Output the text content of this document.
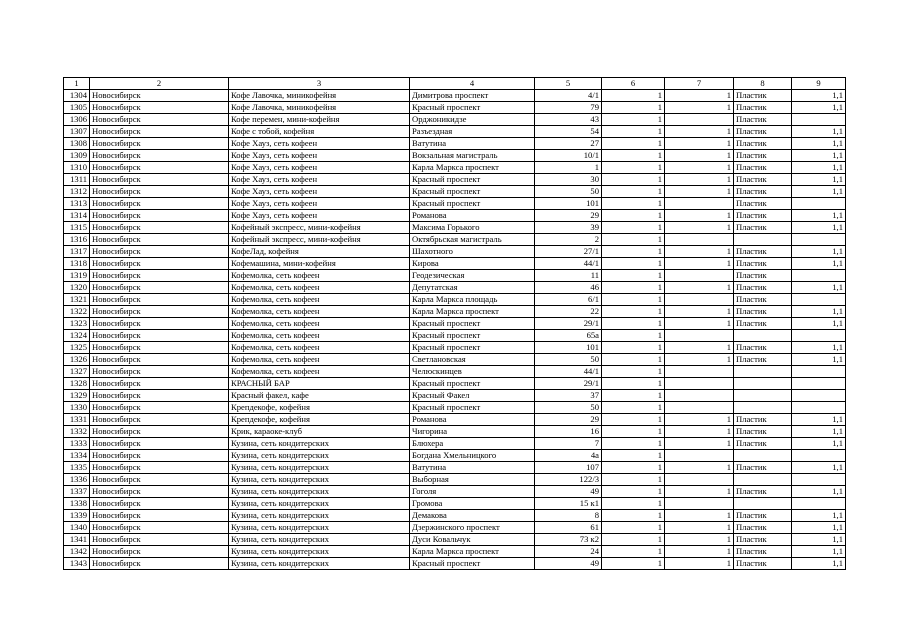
1	2	3	4	5	6	7	8	9
1304	Новосибирск	Кофе Лавочка, миникофейня	Димитрова проспект	4/1	1	1	Пластик	1,1
1305	Новосибирск	Кофе Лавочка, миникофейня	Красный проспект	79	1	1	Пластик	1,1
1306	Новосибирск	Кофе перемен, мини-кофейня	Орджоникидзе	43	1		Пластик	
1307	Новосибирск	Кофе с тобой, кофейня	Разъездная	54	1	1	Пластик	1,1
1308	Новосибирск	Кофе Хауз, сеть кофеен	Ватутина	27	1	1	Пластик	1,1
1309	Новосибирск	Кофе Хауз, сеть кофеен	Вокзальная магистраль	10/1	1	1	Пластик	1,1
1310	Новосибирск	Кофе Хауз, сеть кофеен	Карла Маркса проспект	1	1	1	Пластик	1,1
1311	Новосибирск	Кофе Хауз, сеть кофеен	Красный проспект	30	1	1	Пластик	1,1
1312	Новосибирск	Кофе Хауз, сеть кофеен	Красный проспект	50	1	1	Пластик	1,1
1313	Новосибирск	Кофе Хауз, сеть кофеен	Красный проспект	101	1		Пластик	
1314	Новосибирск	Кофе Хауз, сеть кофеен	Романова	29	1	1	Пластик	1,1
1315	Новосибирск	Кофейный экспресс, мини-кофейня	Максима Горького	39	1	1	Пластик	1,1
1316	Новосибирск	Кофейный экспресс, мини-кофейня	Октябрьская магистраль	2	1			
1317	Новосибирск	КофеЛад, кофейня	Шахотного	27/1	1	1	Пластик	1,1
1318	Новосибирск	Кофемашина, мини-кофейня	Кирова	44/1	1	1	Пластик	1,1
1319	Новосибирск	Кофемолка, сеть кофеен	Геодезическая	11	1		Пластик	
1320	Новосибирск	Кофемолка, сеть кофеен	Депутатская	46	1	1	Пластик	1,1
1321	Новосибирск	Кофемолка, сеть кофеен	Карла Маркса площадь	6/1	1		Пластик	
1322	Новосибирск	Кофемолка, сеть кофеен	Карла Маркса проспект	22	1	1	Пластик	1,1
1323	Новосибирск	Кофемолка, сеть кофеен	Красный проспект	29/1	1	1	Пластик	1,1
1324	Новосибирск	Кофемолка, сеть кофеен	Красный проспект	65а	1			
1325	Новосибирск	Кофемолка, сеть кофеен	Красный проспект	101	1	1	Пластик	1,1
1326	Новосибирск	Кофемолка, сеть кофеен	Светлановская	50	1	1	Пластик	1,1
1327	Новосибирск	Кофемолка, сеть кофеен	Челюскинцев	44/1	1			
1328	Новосибирск	КРАСНЫЙ БАР	Красный проспект	29/1	1			
1329	Новосибирск	Красный факел, кафе	Красный Факел	37	1			
1330	Новосибирск	Крепдекофе, кофейня	Красный проспект	50	1			
1331	Новосибирск	Крепдекофе, кофейня	Романова	29	1	1	Пластик	1,1
1332	Новосибирск	Крик, караоке-клуб	Чигорина	16	1	1	Пластик	1,1
1333	Новосибирск	Кузина, сеть кондитерских	Блюхера	7	1	1	Пластик	1,1
1334	Новосибирск	Кузина, сеть кондитерских	Богдана Хмельницкого	4а	1			
1335	Новосибирск	Кузина, сеть кондитерских	Ватутина	107	1	1	Пластик	1,1
1336	Новосибирск	Кузина, сеть кондитерских	Выборная	122/3	1			
1337	Новосибирск	Кузина, сеть кондитерских	Гоголя	49	1	1	Пластик	1,1
1338	Новосибирск	Кузина, сеть кондитерских	Громова	15 к1	1			
1339	Новосибирск	Кузина, сеть кондитерских	Демакова	8	1	1	Пластик	1,1
1340	Новосибирск	Кузина, сеть кондитерских	Дзержинского проспект	61	1	1	Пластик	1,1
1341	Новосибирск	Кузина, сеть кондитерских	Дуси Ковальчук	73 к2	1	1	Пластик	1,1
1342	Новосибирск	Кузина, сеть кондитерских	Карла Маркса проспект	24	1	1	Пластик	1,1
1343	Новосибирск	Кузина, сеть кондитерских	Красный проспект	49	1	1	Пластик	1,1
